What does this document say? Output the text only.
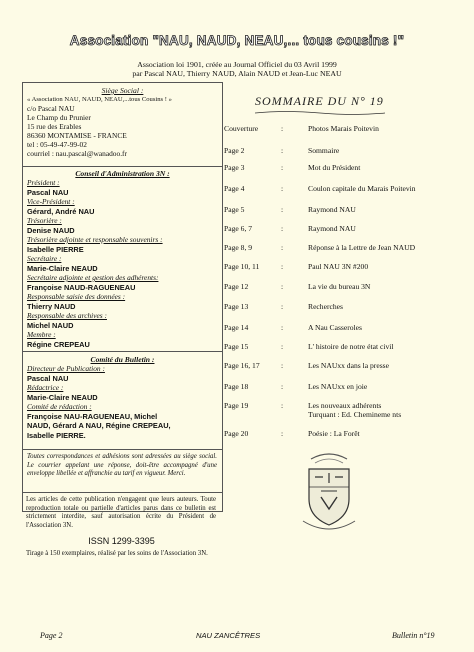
Association "NAU, NAUD, NEAU,... tous cousins !"
Association loi 1901, créée au Journal Officiel du 03 Avril 1999
par Pascal NAU, Thierry NAUD, Alain NAUD et Jean-Luc NEAU
Siège Social :
« Association NAU, NAUD, NEAU,...tous Cousins ! »
c/o Pascal NAU
Le Champ du Prunier
15 rue des Erables
86360 MONTAMISE - FRANCE
tel : 05-49-47-99-02
courriel : nau.pascal@wanadoo.fr
Conseil d'Administration 3N :
Président :
Pascal NAU
Vice-Président :
Gérard, André NAU
Trésorière :
Denise NAUD
Trésorière adjointe et responsable souvenirs :
Isabelle PIERRE
Secrétaire :
Marie-Claire NEAUD
Secrétaire adjointe et gestion des adhérents:
Françoise NAUD-RAGUENEAU
Responsable saisie des données :
Thierry NAUD
Responsable des archives :
Michel NAUD
Membre :
Régine CREPEAU
Comité du Bulletin :
Directeur de Publication :
Pascal NAU
Rédactrice :
Marie-Claire NEAUD
Comité de rédaction :
Françoise NAU-RAGUENEAU, Michel
NAUD, Gérard A NAU, Régine CREPEAU,
Isabelle PIERRE.
Toutes correspondances et adhésions sont adressées au siège social. Le courrier appelant une réponse, doit-être accompagné d'une enveloppe libellée et affranchie au tarif en vigueur. Merci.
Les articles de cette publication n'engagent que leurs auteurs. Toute reproduction totale ou partielle d'articles parus dans ce bulletin est strictement interdite, sauf autorisation écrite du Président de l'Association 3N.
ISSN 1299-3395
Tirage à 150 exemplaires, réalisé par les soins de l'Association 3N.
SOMMAIRE DU N° 19
Couverture	:	Photos Marais Poitevin
Page 2	:	Sommaire
Page 3	:	Mot du Président
Page 4	:	Coulon capitale du Marais Poitevin
Page 5	:	Raymond NAU
Page 6, 7	:	Raymond NAU
Page 8, 9	:	Réponse à la Lettre de Jean NAUD
Page 10, 11	:	Paul NAU 3N #200
Page 12	:	La vie du bureau 3N
Page 13	:	Recherches
Page 14	:	A Nau Casseroles
Page 15	:	L' histoire de notre état civil
Page 16, 17	:	Les NAUxx dans la presse
Page 18	:	Les NAUxx en joie
Page 19	:	Les nouveaux adhérents
Turquant : Ed. Chemineme nts
Page 20	:	Poésie : La Forêt
Page 2	NAU ZANCÊTRES	Bulletin n°19
